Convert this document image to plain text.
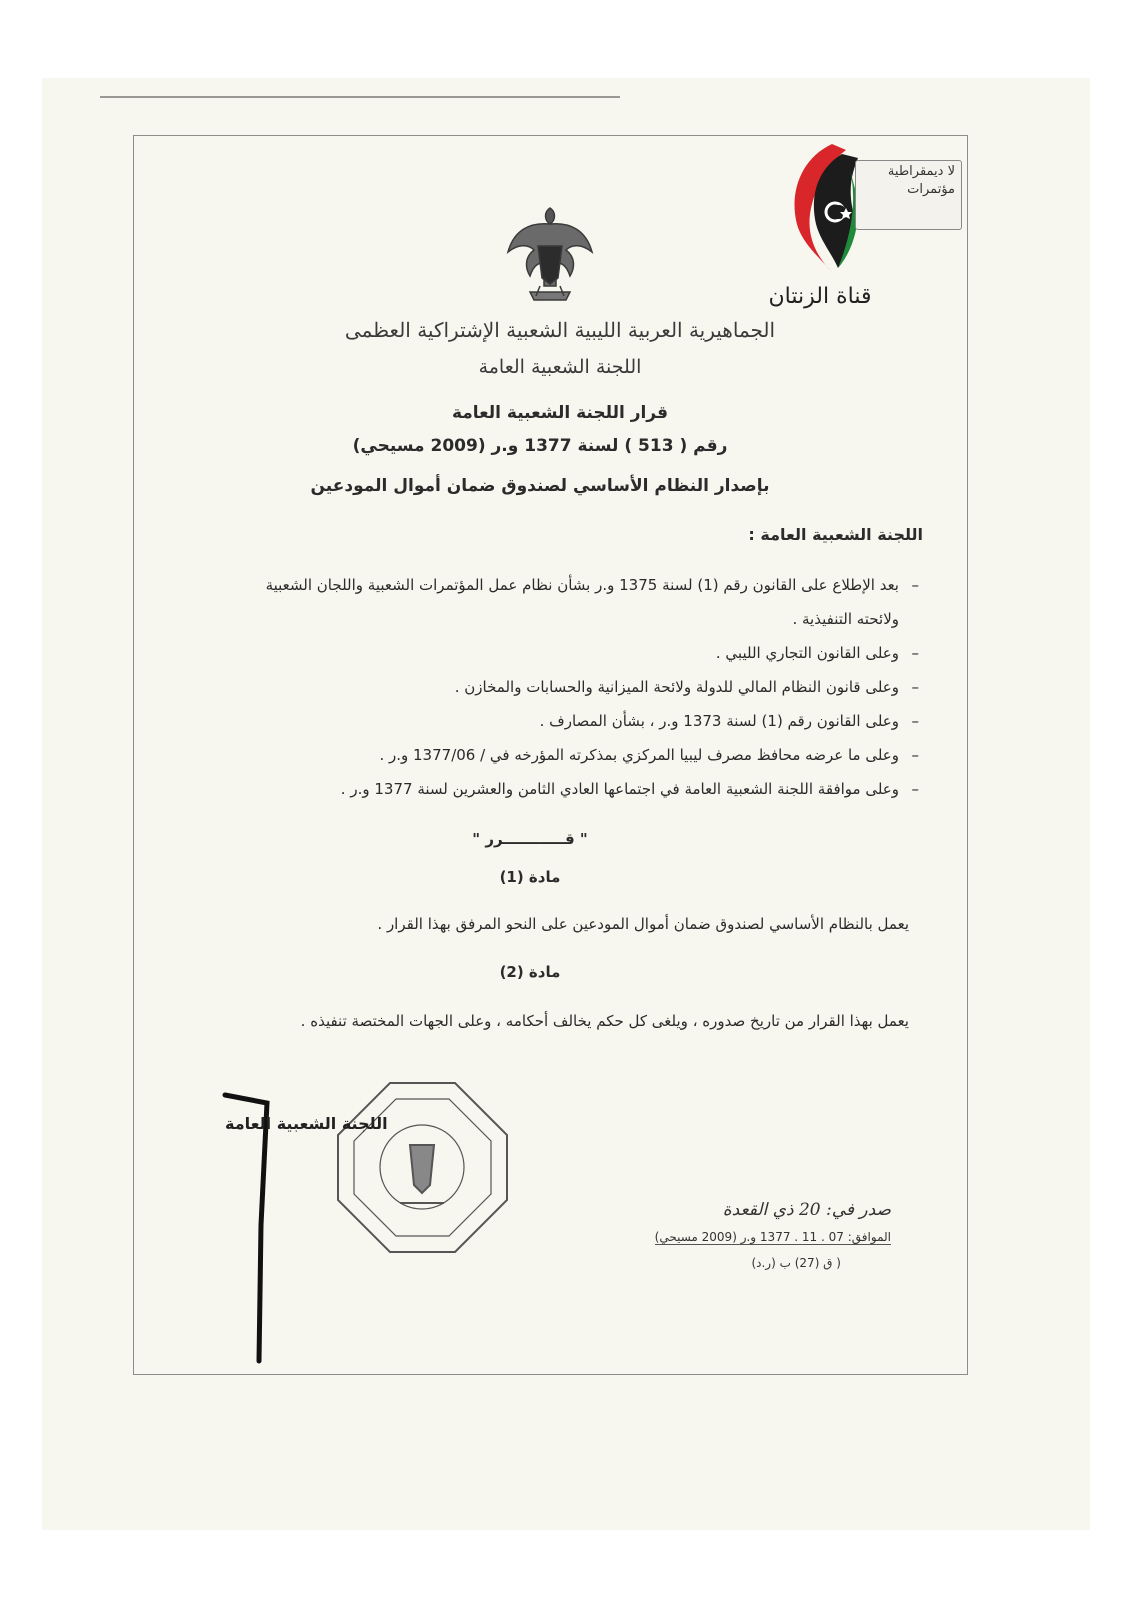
لا ديمقراطية
مؤتمرات
قناة الزنتان
الجماهيرية العربية الليبية الشعبية الإشتراكية العظمى
اللجنة الشعبية العامة
قرار اللجنة الشعبية العامة
رقم ( 513 ) لسنة 1377 و.ر (2009 مسيحي)
بإصدار النظام الأساسي لصندوق ضمان أموال المودعين
اللجنة الشعبية العامة :
– بعد الإطلاع على القانون رقم (1) لسنة 1375 و.ر بشأن نظام عمل المؤتمرات الشعبية واللجان الشعبية ولائحته التنفيذية .
– وعلى القانون التجاري الليبي .
– وعلى قانون النظام المالي للدولة ولائحة الميزانية والحسابات والمخازن .
– وعلى القانون رقم (1) لسنة 1373 و.ر ، بشأن المصارف .
– وعلى ما عرضه محافظ مصرف ليبيا المركزي بمذكرته المؤرخه في / 1377/06 و.ر .
– وعلى موافقة اللجنة الشعبية العامة في اجتماعها العادي الثامن والعشرين لسنة 1377 و.ر .
" قــــــــــــرر "
مادة (1)
يعمل بالنظام الأساسي لصندوق ضمان أموال المودعين على النحو المرفق بهذا القرار .
مادة (2)
يعمل بهذا القرار من تاريخ صدوره ، ويلغى كل حكم يخالف أحكامه ، وعلى الجهات المختصة تنفيذه .
اللجنة الشعبية العامة
صدر في: 20 ذي القعدة
الموافق: 07 . 11 . 1377 و.ر (2009 مسيحي)
( ق (27) ب (ر.د)
